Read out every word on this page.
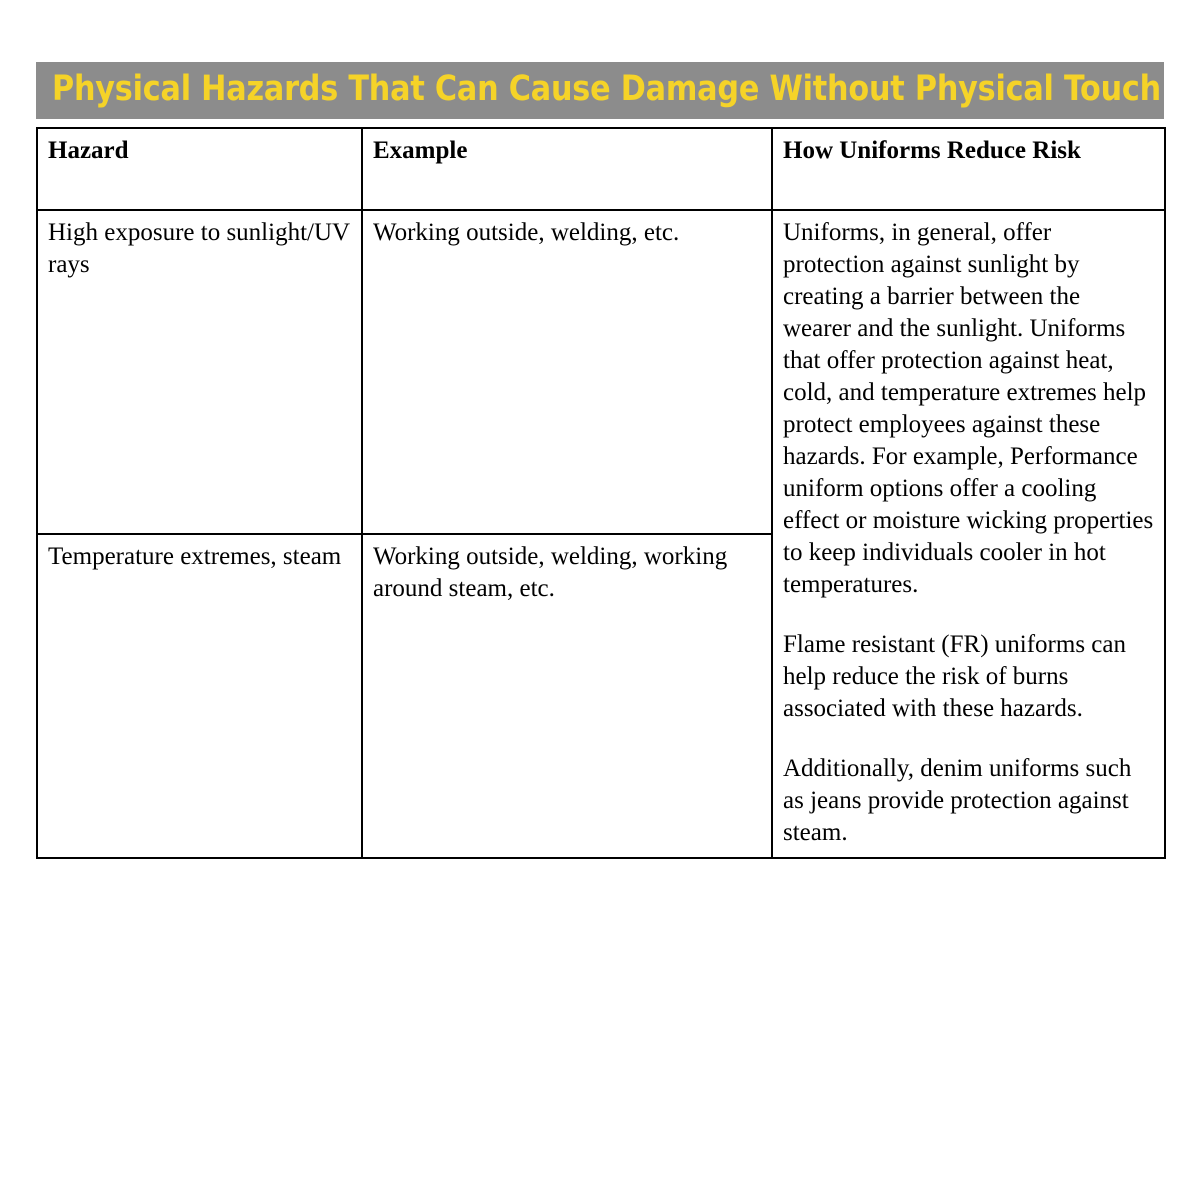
Physical Hazards That Can Cause Damage Without Physical Touch
Hazard	Example	How Uniforms Reduce Risk
High exposure to sunlight/UV rays	Working outside, welding, etc.	Uniforms, in general, offer protection against sunlight by creating a barrier between the wearer and the sunlight. Uniforms that offer protection against heat, cold, and temperature extremes help protect employees against these hazards. For example, Performance uniform options offer a cooling effect or moisture wicking properties to keep individuals cooler in hot temperatures.

Flame resistant (FR) uniforms can help reduce the risk of burns associated with these hazards.

Additionally, denim uniforms such as jeans provide protection against steam.

Temperature extremes, steam	Working outside, welding, working around steam, etc.	
